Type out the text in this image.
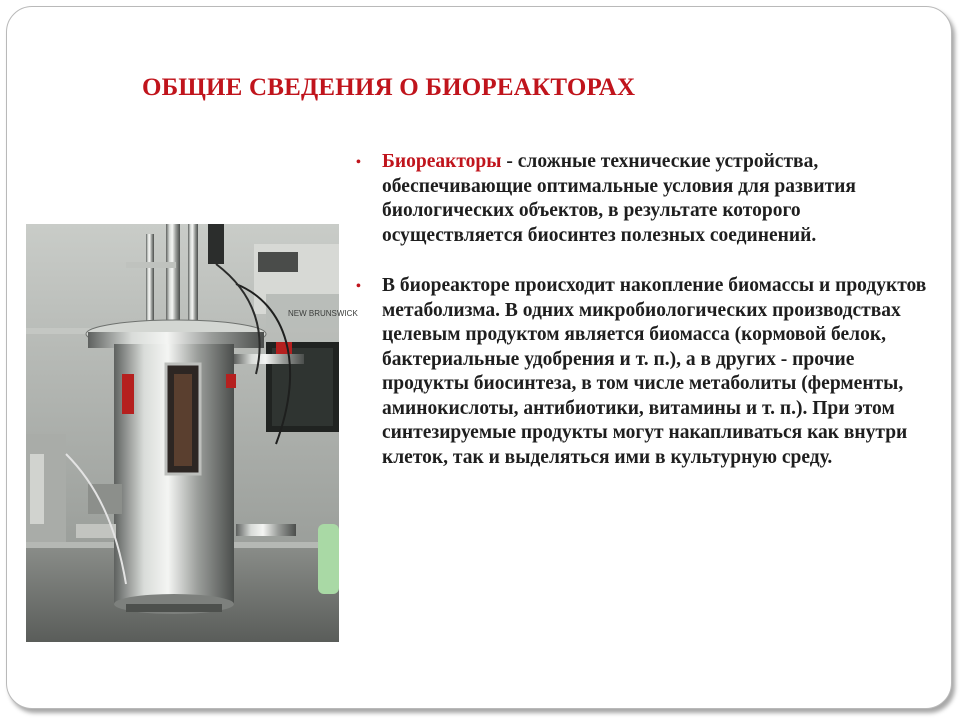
ОБЩИЕ СВЕДЕНИЯ О БИОРЕАКТОРАХ
NEW BRUNSWICK
• Биореакторы - сложные технические устройства, обеспечивающие оптимальные условия для развития биологических объектов, в результате которого осуществляется биосинтез полезных соединений.
• В биореакторе происходит накопление биомассы и продуктов метаболизма. В одних микробиологических производствах целевым продуктом является биомасса (кормовой белок, бактериальные удобрения и т. п.), а в других - прочие продукты биосинтеза, в том числе метаболиты (ферменты, аминокислоты, антибиотики, витамины и т. п.). При этом синтезируемые продукты могут накапливаться как внутри клеток, так и выделяться ими в культурную среду.
